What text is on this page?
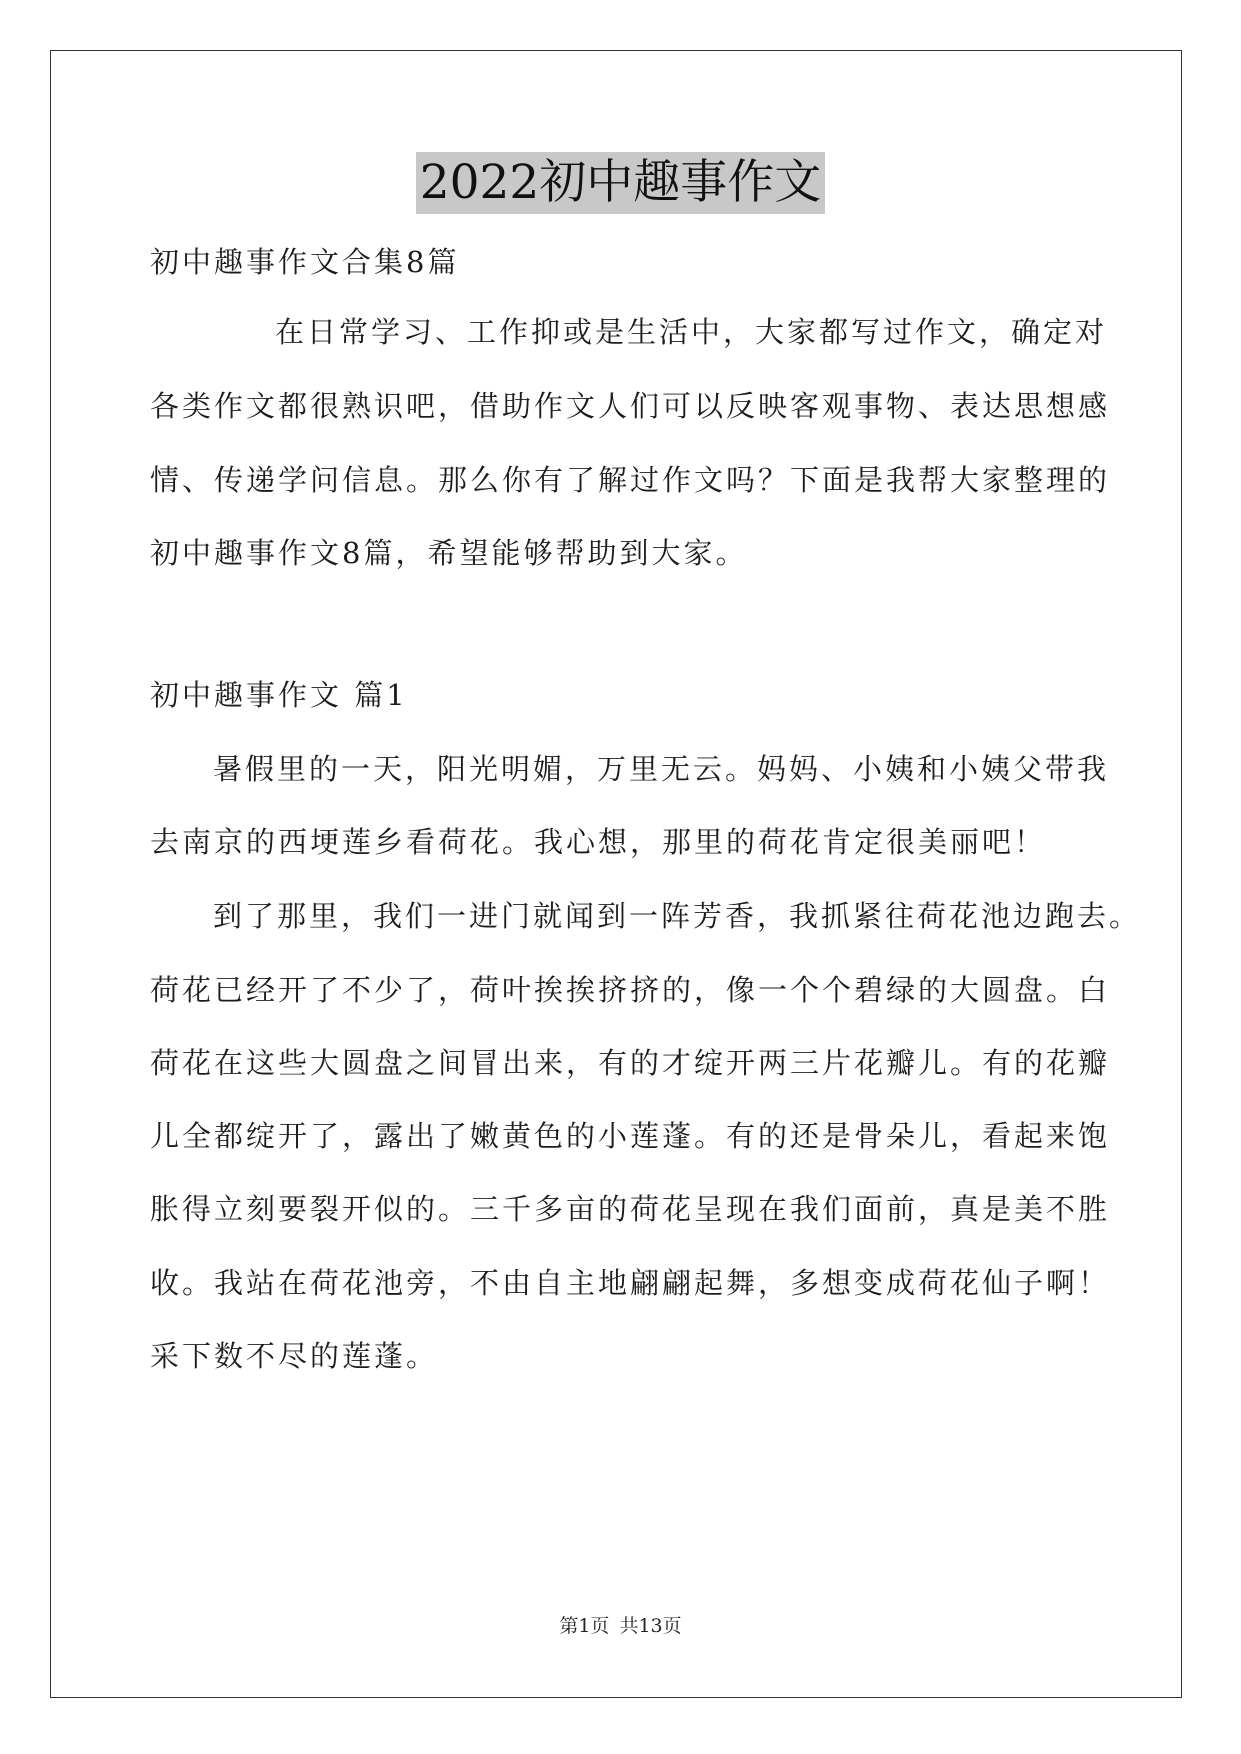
2022初中趣事作文
初中趣事作文合集8篇
在日常学习、工作抑或是生活中，大家都写过作文，确定对
各类作文都很熟识吧，借助作文人们可以反映客观事物、表达思想感
情、传递学问信息。那么你有了解过作文吗？下面是我帮大家整理的
初中趣事作文8篇，希望能够帮助到大家。
初中趣事作文 篇1
暑假里的一天，阳光明媚，万里无云。妈妈、小姨和小姨父带我
去南京的西埂莲乡看荷花。我心想，那里的荷花肯定很美丽吧！
到了那里，我们一进门就闻到一阵芳香，我抓紧往荷花池边跑去。
荷花已经开了不少了，荷叶挨挨挤挤的，像一个个碧绿的大圆盘。白
荷花在这些大圆盘之间冒出来，有的才绽开两三片花瓣儿。有的花瓣
儿全都绽开了，露出了嫩黄色的小莲蓬。有的还是骨朵儿，看起来饱
胀得立刻要裂开似的。三千多亩的荷花呈现在我们面前，真是美不胜
收。我站在荷花池旁，不由自主地翩翩起舞，多想变成荷花仙子啊！
采下数不尽的莲蓬。
第1页 共13页
